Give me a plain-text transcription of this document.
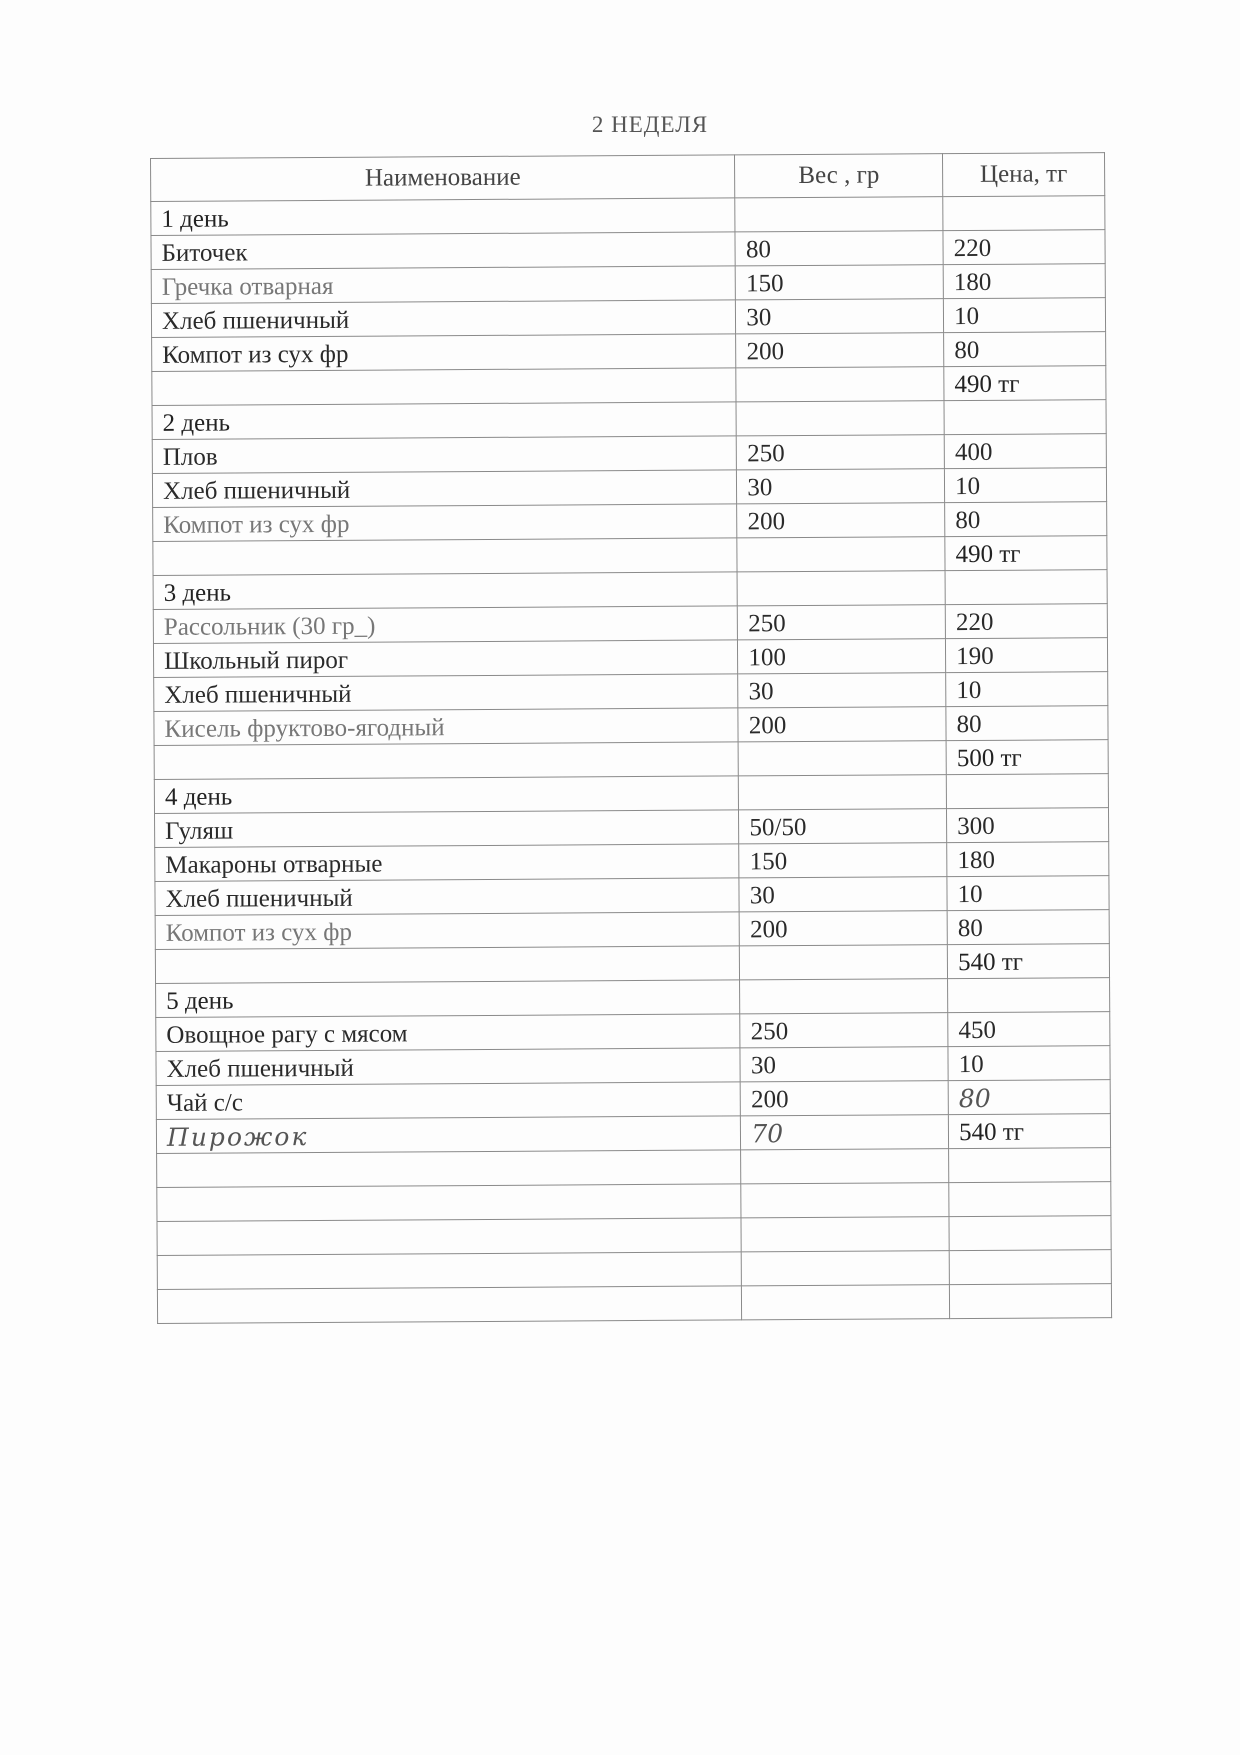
2 НЕДЕЛЯ
Наименование	Вес , гр	Цена, тг
1 день		
Биточек	80	220
Гречка отварная	150	180
Хлеб пшеничный	30	10
Компот из сух фр	200	80
		490 тг
2 день		
Плов	250	400
Хлеб пшеничный	30	10
Компот из сух фр	200	80
		490 тг
3 день		
Рассольник (30 гр_)	250	220
Школьный пирог	100	190
Хлеб пшеничный	30	10
Кисель фруктово-ягодный	200	80
		500 тг
4 день		
Гуляш	50/50	300
Макароны отварные	150	180
Хлеб пшеничный	30	10
Компот из сух фр	200	80
		540 тг
5 день		
Овощное рагу с мясом	250	450
Хлеб пшеничный	30	10
Чай с/с	200	80
Пирожок	70	540 тг
